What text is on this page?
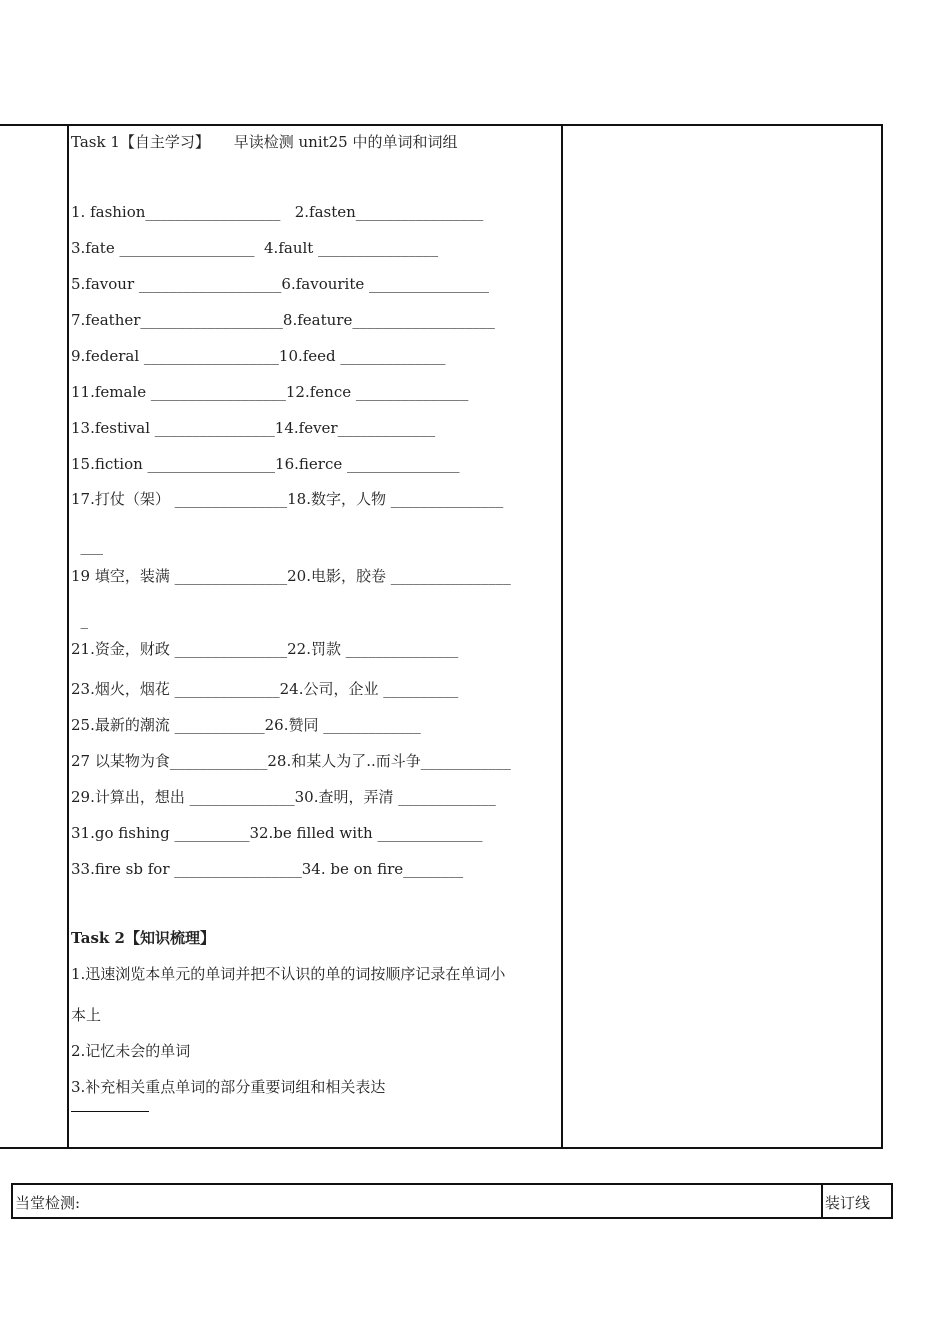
Task 1【自主学习】     早读检测 unit25 中的单词和词组
1. fashion__________________   2.fasten_________________
3.fate __________________  4.fault ________________
5.favour ___________________6.favourite ________________
7.feather___________________8.feature___________________
9.federal __________________10.feed ______________
11.female __________________12.fence _______________
13.festival ________________14.fever_____________
15.fiction _________________16.fierce _______________
17.打仗（架） _______________18.数字，人物 _______________
___
19 填空，装满 _______________20.电影，胶卷 ________________
_
21.资金，财政 _______________22.罚款 _______________
23.烟火，烟花 ______________24.公司，企业 __________
25.最新的潮流 ____________26.赞同 _____________
27 以某物为食_____________28.和某人为了..而斗争____________
29.计算出，想出 ______________30.查明，弄清 _____________
31.go fishing __________32.be filled with ______________
33.fire sb for _________________34. be on fire________
Task 2【知识梳理】
1.迅速浏览本单元的单词并把不认识的单的词按顺序记录在单词小
本上
2.记忆未会的单词
3.补充相关重点单词的部分重要词组和相关表达
当堂检测:	装订线
